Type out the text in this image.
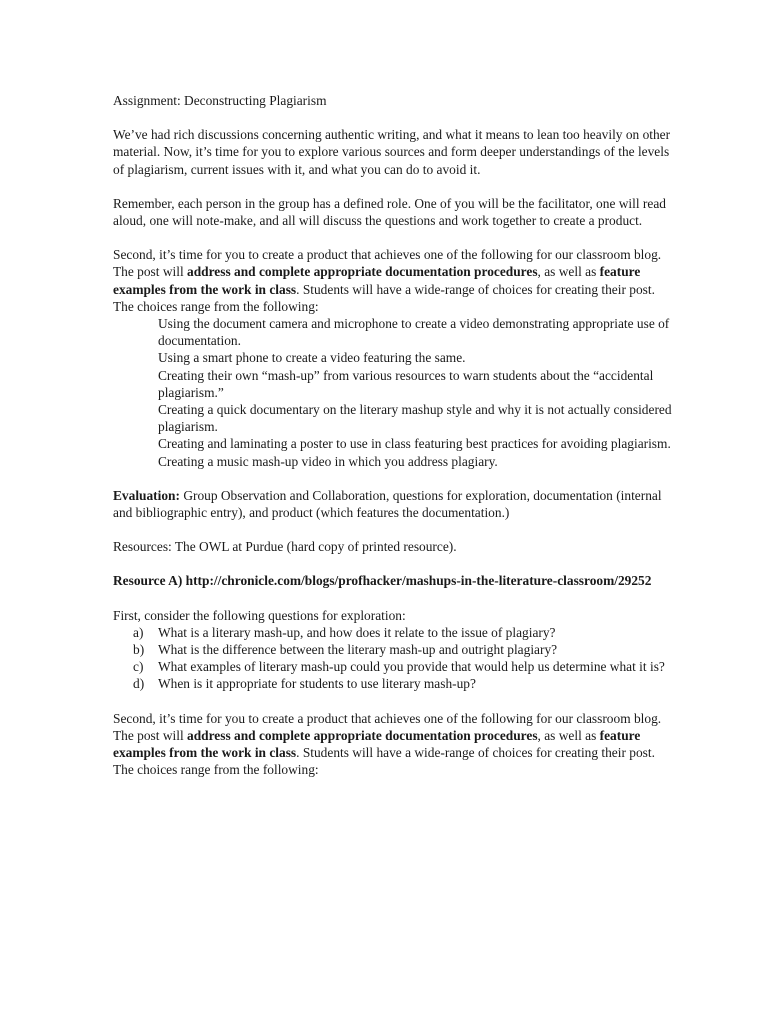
Assignment: Deconstructing Plagiarism

We’ve had rich discussions concerning authentic writing, and what it means to lean too heavily on other material. Now, it’s time for you to explore various sources and form deeper understandings of the levels of plagiarism, current issues with it, and what you can do to avoid it.

Remember, each person in the group has a defined role. One of you will be the facilitator, one will read aloud, one will note-make, and all will discuss the questions and work together to create a product.

Second, it’s time for you to create a product that achieves one of the following for our classroom blog. The post will address and complete appropriate documentation procedures, as well as feature examples from the work in class. Students will have a wide-range of choices for creating their post. The choices range from the following:

Using the document camera and microphone to create a video demonstrating appropriate use of documentation.
Using a smart phone to create a video featuring the same.
Creating their own “mash-up” from various resources to warn students about the “accidental plagiarism.”
Creating a quick documentary on the literary mashup style and why it is not actually considered plagiarism.
Creating and laminating a poster to use in class featuring best practices for avoiding plagiarism.
Creating a music mash-up video in which you address plagiary.

Evaluation: Group Observation and Collaboration, questions for exploration, documentation (internal and bibliographic entry), and product (which features the documentation.)

Resources: The OWL at Purdue (hard copy of printed resource).

Resource A) http://chronicle.com/blogs/profhacker/mashups-in-the-literature-classroom/29252

First, consider the following questions for exploration:

a) What is a literary mash-up, and how does it relate to the issue of plagiary?
b) What is the difference between the literary mash-up and outright plagiary?
c) What examples of literary mash-up could you provide that would help us determine what it is?
d) When is it appropriate for students to use literary mash-up?

Second, it’s time for you to create a product that achieves one of the following for our classroom blog. The post will address and complete appropriate documentation procedures, as well as feature examples from the work in class. Students will have a wide-range of choices for creating their post. The choices range from the following:
